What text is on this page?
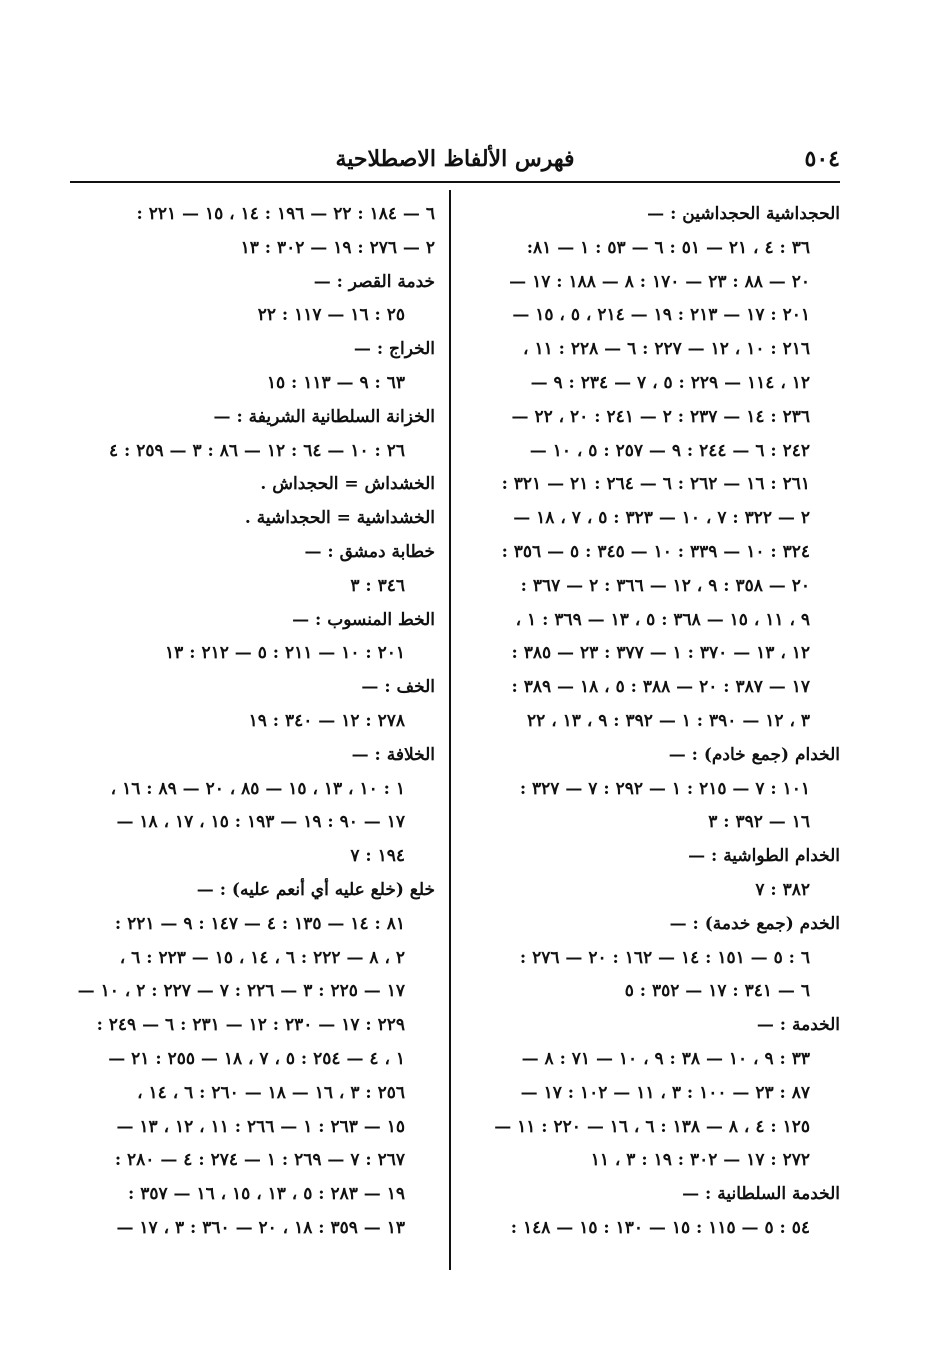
٥٠٤
فهرس الألفاظ الاصطلاحية
الحجداشية الحجداشين : —
٣٦ : ٤ ، ٢١ — ٥١ : ٦ — ٥٣ : ١ — ٨١:
٢٠ — ٨٨ : ٢٣ — ١٧٠ : ٨ — ١٨٨ : ١٧ —
٢٠١ : ١٧ — ٢١٣ : ١٩ — ٢١٤ ، ٥ ، ١٥ —
٢١٦ : ١٠ ، ١٢ — ٢٢٧ : ٦ — ٢٢٨ : ١١ ،
١٢ ، ١١٤ — ٢٢٩ : ٥ ، ٧ — ٢٣٤ : ٩ —
٢٣٦ : ١٤ — ٢٣٧ : ٢ — ٢٤١ : ٢٠ ، ٢٢ —
٢٤٢ : ٦ — ٢٤٤ : ٩ — ٢٥٧ : ٥ ، ١٠ —
٢٦١ : ١٦ — ٢٦٢ : ٦ — ٢٦٤ : ٢١ — ٣٢١ :
٢ — ٣٢٢ : ٧ ، ١٠ — ٣٢٣ : ٥ ، ٧ ، ١٨ —
٣٢٤ : ١٠ — ٣٣٩ : ١٠ — ٣٤٥ : ٥ — ٣٥٦ :
٢٠ — ٣٥٨ : ٩ ، ١٢ — ٣٦٦ : ٢ — ٣٦٧ :
٩ ، ١١ ، ١٥ — ٣٦٨ : ٥ ، ١٣ — ٣٦٩ : ١ ،
١٢ ، ١٣ — ٣٧٠ : ١ — ٣٧٧ : ٢٣ — ٣٨٥ :
١٧ — ٣٨٧ : ٢٠ — ٣٨٨ : ٥ ، ١٨ — ٣٨٩ :
٣ ، ١٢ — ٣٩٠ : ١ — ٣٩٢ : ٩ ، ١٣ ، ٢٢
الخدام (جمع خادم) : —
١٠١ : ٧ — ٢١٥ : ١ — ٢٩٢ : ٧ — ٣٢٧ :
١٦ — ٣٩٢ : ٣
الخدام الطواشية : —
٣٨٢ : ٧
الخدم (جمع خدمة) : —
٦ : ٥ — ١٥١ : ١٤ — ١٦٢ : ٢٠ — ٢٧٦ :
٦ — ٣٤١ : ١٧ — ٣٥٢ : ٥
الخدمة : —
٣٣ : ٩ ، ١٠ — ٣٨ : ٩ ، ١٠ — ٧١ : ٨ —
٨٧ : ٢٣ — ١٠٠ : ٣ ، ١١ — ١٠٢ : ١٧ —
١٢٥ : ٤ ، ٨ — ١٣٨ : ٦ ، ١٦ — ٢٢٠ : ١١ —
٢٧٢ : ١٧ — ٣٠٢ : ١٩ : ٣ ، ١١
الخدمة السلطانية : —
٥٤ : ٥ — ١١٥ : ١٥ — ١٣٠ : ١٥ — ١٤٨ :
٦ — ١٨٤ : ٢٢ — ١٩٦ : ١٤ ، ١٥ — ٢٢١ :
٢ — ٢٧٦ : ١٩ — ٣٠٢ : ١٣
خدمة القصر : —
٢٥ : ١٦ — ١١٧ : ٢٢
الخراج : —
٦٣ : ٩ — ١١٣ : ١٥
الخزانة السلطانية الشريفة : —
٢٦ : ١٠ — ٦٤ : ١٢ — ٨٦ : ٣ — ٢٥٩ : ٤
الخشداش = الحجداش .
الخشداشية = الحجداشية .
خطابة دمشق : —
٣٤٦ : ٣
الخط المنسوب : —
٢٠١ : ١٠ — ٢١١ : ٥ — ٢١٢ : ١٣
الخف : —
٢٧٨ : ١٢ — ٣٤٠ : ١٩
الخلافة : —
١ : ١٠ ، ١٣ ، ١٥ — ٨٥ ، ٢٠ — ٨٩ : ١٦ ،
١٧ — ٩٠ : ١٩ — ١٩٣ : ١٥ ، ١٧ ، ١٨ —
١٩٤ : ٧
خلع (خلع عليه أي أنعم عليه) : —
٨١ : ١٤ — ١٣٥ : ٤ — ١٤٧ : ٩ — ٢٢١ :
٢ ، ٨ — ٢٢٢ : ٦ ، ١٤ ، ١٥ — ٢٢٣ : ٦ ،
١٧ — ٢٢٥ : ٣ — ٢٢٦ : ٧ — ٢٢٧ : ٢ ، ١٠ —
٢٢٩ : ١٧ — ٢٣٠ : ١٢ — ٢٣١ : ٦ — ٢٤٩ :
١ ، ٤ — ٢٥٤ : ٥ ، ٧ ، ١٨ — ٢٥٥ : ٢١ —
٢٥٦ : ٣ ، ١٦ — ١٨ — ٢٦٠ : ٦ ، ١٤ ،
١٥ — ٢٦٣ : ١ — ٢٦٦ : ١١ ، ١٢ ، ١٣ —
٢٦٧ : ٧ — ٢٦٩ : ١ — ٢٧٤ : ٤ — ٢٨٠ :
١٩ — ٢٨٣ : ٥ ، ١٣ ، ١٥ ، ١٦ — ٣٥٧ :
١٣ — ٣٥٩ : ١٨ ، ٢٠ — ٣٦٠ : ٣ ، ١٧ —
